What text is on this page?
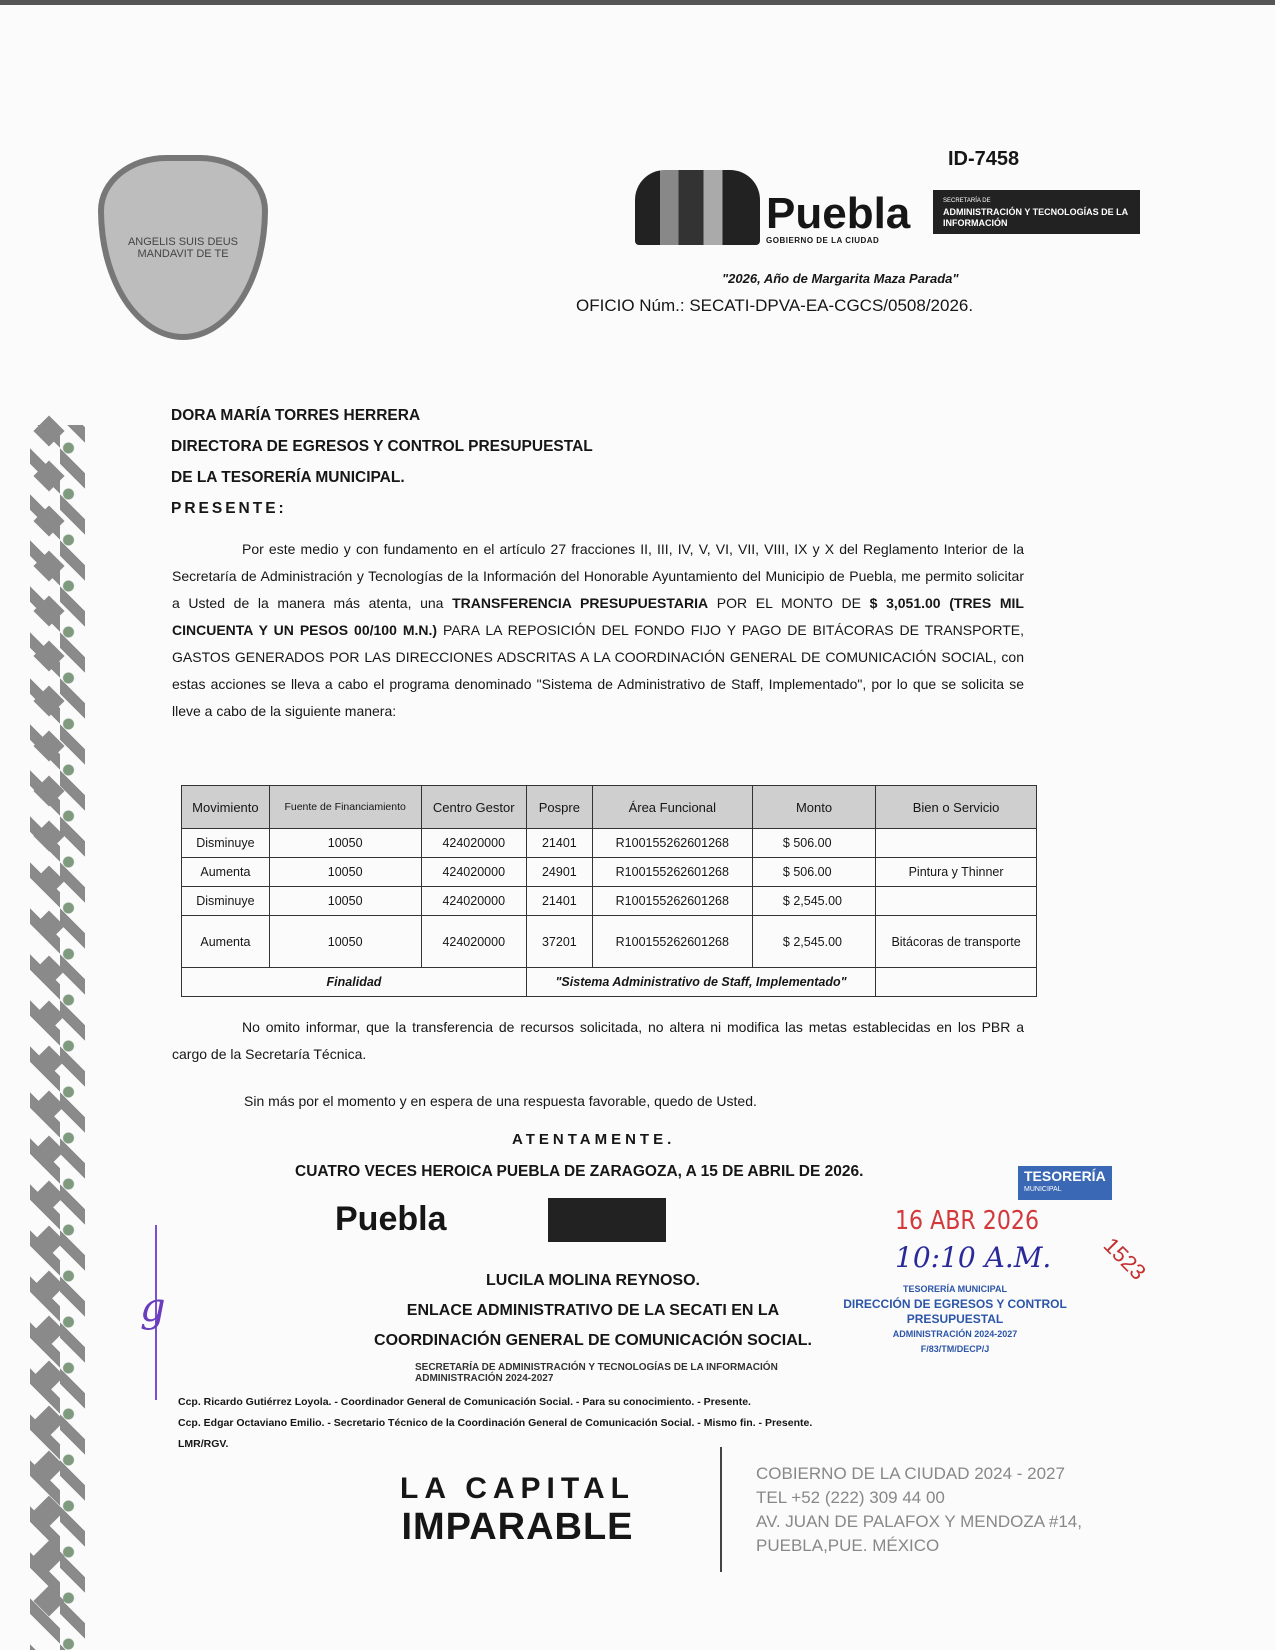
ANGELIS SUIS DEUS MANDAVIT DE TE
ID-7458
Puebla
GOBIERNO DE LA CIUDAD
SECRETARÍA DE
ADMINISTRACIÓN Y TECNOLOGÍAS DE LA INFORMACIÓN
"2026, Año de Margarita Maza Parada"
OFICIO Núm.: SECATI-DPVA-EA-CGCS/0508/2026.
DORA MARÍA TORRES HERRERA
DIRECTORA DE EGRESOS Y CONTROL PRESUPUESTAL
DE LA TESORERÍA MUNICIPAL.
PRESENTE:

Por este medio y con fundamento en el artículo 27 fracciones II, III, IV, V, VI, VII, VIII, IX y X del Reglamento Interior de la Secretaría de Administración y Tecnologías de la Información del Honorable Ayuntamiento del Municipio de Puebla, me permito solicitar a Usted de la manera más atenta, una TRANSFERENCIA PRESUPUESTARIA POR EL MONTO DE $ 3,051.00 (TRES MIL CINCUENTA Y UN PESOS 00/100 M.N.) PARA LA REPOSICIÓN DEL FONDO FIJO Y PAGO DE BITÁCORAS DE TRANSPORTE, GASTOS GENERADOS POR LAS DIRECCIONES ADSCRITAS A LA COORDINACIÓN GENERAL DE COMUNICACIÓN SOCIAL, con estas acciones se lleva a cabo el programa denominado "Sistema de Administrativo de Staff, Implementado", por lo que se solicita se lleve a cabo de la siguiente manera:

Movimiento	Fuente de Financiamiento	Centro Gestor	Pospre	Área Funcional	Monto	Bien o Servicio
Disminuye	10050	424020000	21401	R100155262601268	$ 506.00	
Aumenta	10050	424020000	24901	R100155262601268	$ 506.00	Pintura y Thinner
Disminuye	10050	424020000	21401	R100155262601268	$ 2,545.00	
Aumenta	10050	424020000	37201	R100155262601268	$ 2,545.00	Bitácoras de transporte
Finalidad			"Sistema Administrativo de Staff, Implementado"			

No omito informar, que la transferencia de recursos solicitada, no altera ni modifica las metas establecidas en los PBR a cargo de la Secretaría Técnica.

Sin más por el momento y en espera de una respuesta favorable, quedo de Usted.

ATENTAMENTE.
CUATRO VECES HEROICA PUEBLA DE ZARAGOZA, A 15 DE ABRIL DE 2026.
Puebla
LUCILA MOLINA REYNOSO.
ENLACE ADMINISTRATIVO DE LA SECATI EN LA
COORDINACIÓN GENERAL DE COMUNICACIÓN SOCIAL.
SECRETARÍA DE ADMINISTRACIÓN Y TECNOLOGÍAS DE LA INFORMACIÓN
ADMINISTRACIÓN 2024-2027
TESORERÍA
MUNICIPAL
16 ABR 2026
10:10 A.M. 1523
TESORERÍA MUNICIPAL
DIRECCIÓN DE EGRESOS Y CONTROL
PRESUPUESTAL
ADMINISTRACIÓN 2024-2027
F/83/TM/DECP/J
g
Ccp. Ricardo Gutiérrez Loyola. - Coordinador General de Comunicación Social. - Para su conocimiento. - Presente.
Ccp. Edgar Octaviano Emilio. - Secretario Técnico de la Coordinación General de Comunicación Social. - Mismo fin. - Presente.
LMR/RGV.
LA CAPITAL
IMPARABLE
COBIERNO DE LA CIUDAD 2024 - 2027
TEL +52 (222) 309 44 00
AV. JUAN DE PALAFOX Y MENDOZA #14,
PUEBLA,PUE. MÉXICO
